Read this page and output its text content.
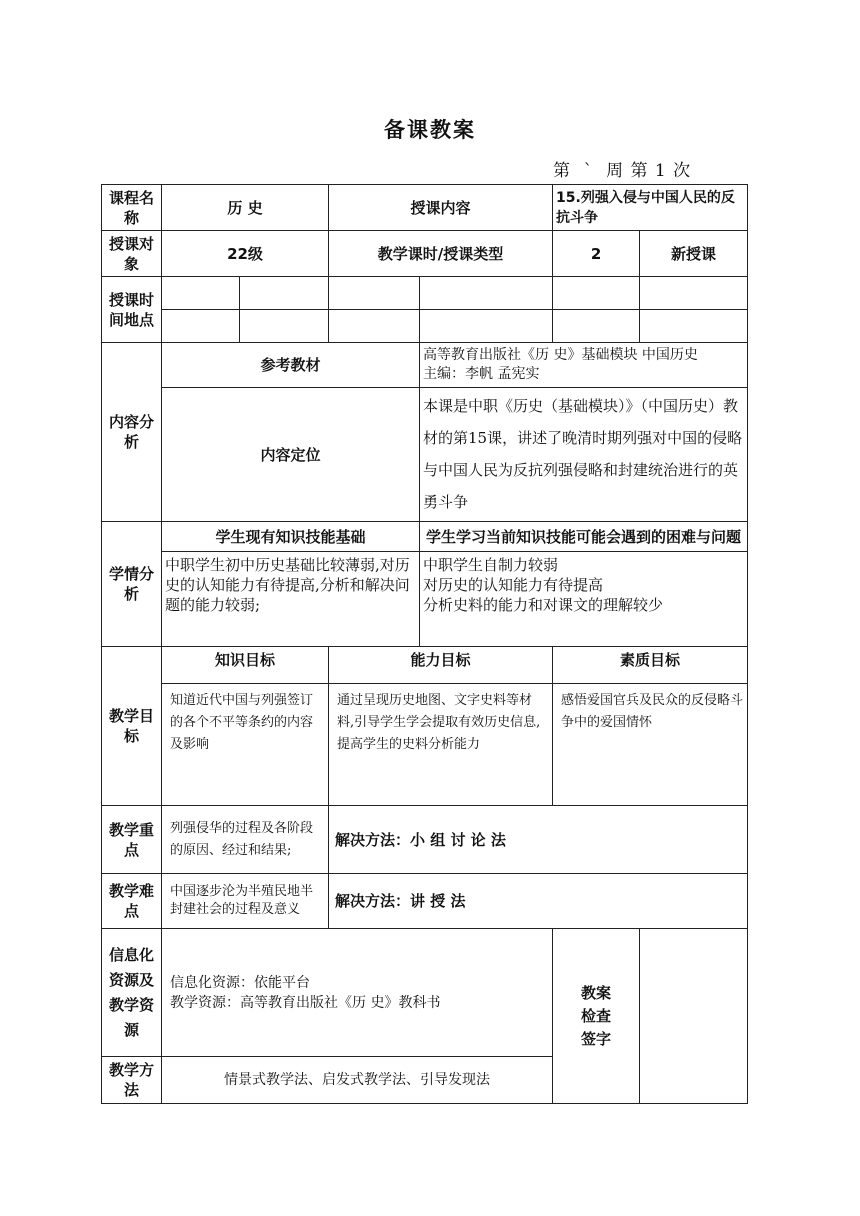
备课教案
第  `  周 第 1 次
课程名称	历 史		授课内容		15.列强入侵与中国人民的反抗斗争	
授课对象	22级		教学课时/授课类型		2	新授课
授课时间地点						

内容分析	参考教材			高等教育出版社《历 史》基础模块 中国历史
主编：李帆 孟宪实		

	内容定位			本课是中职《历史（基础模块）》（中国历史）教材的第15课，讲述了晚清时期列强对中国的侵略与中国人民为反抗列强侵略和封建统治进行的英勇斗争		
学情分析	学生现有知识技能基础			学生学习当前知识技能可能会遇到的困难与问题		
	中职学生初中历史基础比较薄弱,对历史的认知能力有待提高,分析和解决问题的能力较弱;			中职学生自制力较弱
对历史的认知能力有待提高
分析史料的能力和对课文的理解较少		

教学目标	知识目标		能力目标		素质目标	
	知道近代中国与列强签订的各个不平等条约的内容及影响		通过呈现历史地图、文字史料等材料,引导学生学会提取有效历史信息,提高学生的史料分析能力		感悟爱国官兵及民众的反侵略斗争中的爱国情怀	
教学重点	列强侵华的过程及各阶段的原因、经过和结果;		解决方法：小 组 讨 论 法			
教学难点	中国逐步沦为半殖民地半封建社会的过程及意义		解决方法：讲 授 法			
信息化资源及教学资源	信息化资源：依能平台
教学资源：高等教育出版社《历 史》教科书				教案检查签字	
教学方法	情景式教学法、启发式教学法、引导发现法					
